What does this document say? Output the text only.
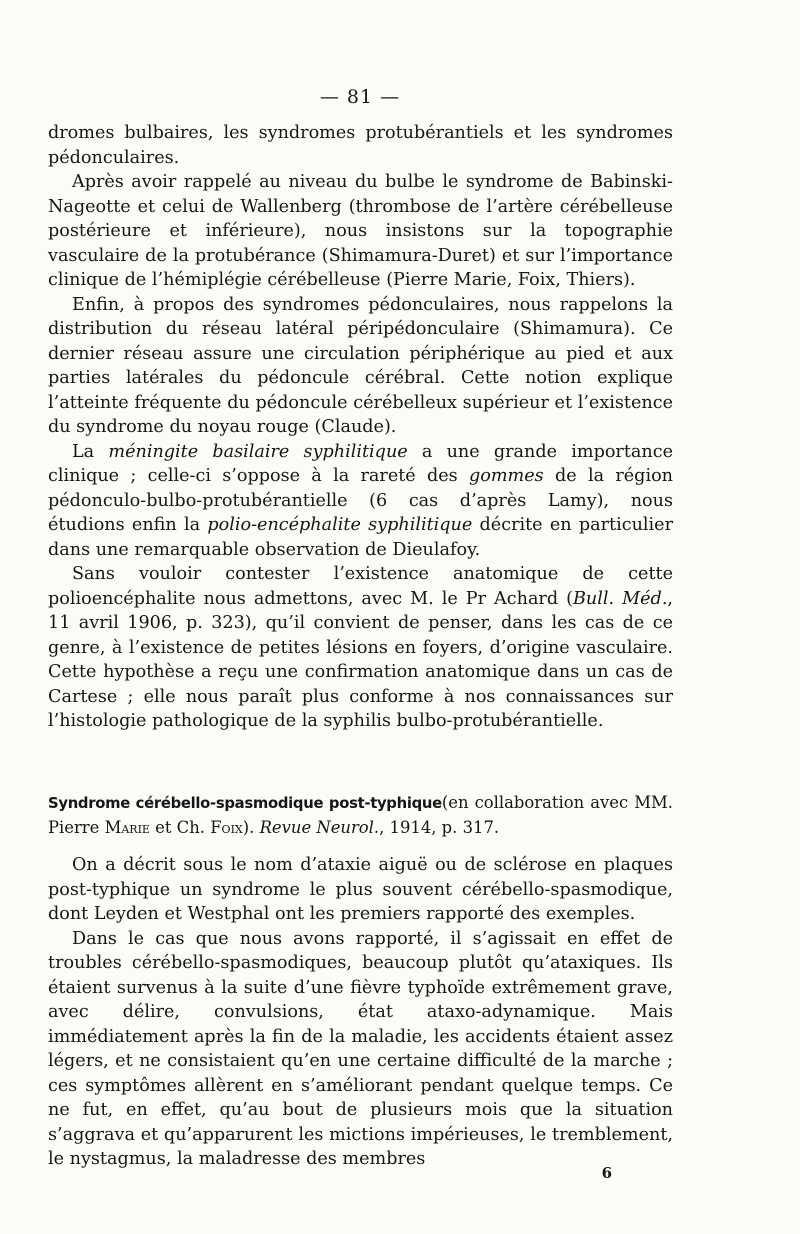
— 81 —

dromes bulbaires, les syndromes protubérantiels et les syndromes pédonculaires.

Après avoir rappelé au niveau du bulbe le syndrome de Babinski-Nageotte et celui de Wallenberg (thrombose de l’artère cérébelleuse postérieure et inférieure), nous insistons sur la topographie vasculaire de la protubérance (Shimamura-Duret) et sur l’importance clinique de l’hémiplégie cérébelleuse (Pierre Marie, Foix, Thiers).

Enfin, à propos des syndromes pédonculaires, nous rappelons la distribution du réseau latéral péripédonculaire (Shimamura). Ce dernier réseau assure une circulation périphérique au pied et aux parties latérales du pédoncule cérébral. Cette notion explique l’atteinte fréquente du pédoncule cérébelleux supérieur et l’existence du syndrome du noyau rouge (Claude).

La méningite basilaire syphilitique a une grande importance clinique ; celle-ci s’oppose à la rareté des gommes de la région pédonculo-bulbo-protubérantielle (6 cas d’après Lamy), nous étudions enfin la polio-encéphalite syphilitique décrite en particulier dans une remarquable observation de Dieulafoy.

Sans vouloir contester l’existence anatomique de cette polioencéphalite nous admettons, avec M. le Pr Achard (Bull. Méd., 11 avril 1906, p. 323), qu’il convient de penser, dans les cas de ce genre, à l’existence de petites lésions en foyers, d’origine vasculaire. Cette hypothèse a reçu une confirmation anatomique dans un cas de Cartese ; elle nous paraît plus conforme à nos connaissances sur l’histologie pathologique de la syphilis bulbo-protubérantielle.

Syndrome cérébello-spasmodique post-typhique(en collaboration avec MM. Pierre Marie et Ch. Foix). Revue Neurol., 1914, p. 317.

On a décrit sous le nom d’ataxie aiguë ou de sclérose en plaques post-typhique un syndrome le plus souvent cérébello-spasmodique, dont Leyden et Westphal ont les premiers rapporté des exemples.

Dans le cas que nous avons rapporté, il s’agissait en effet de troubles cérébello-spasmodiques, beaucoup plutôt qu’ataxiques. Ils étaient survenus à la suite d’une fièvre typhoïde extrêmement grave, avec délire, convulsions, état ataxo-adynamique. Mais immédiatement après la fin de la maladie, les accidents étaient assez légers, et ne consistaient qu’en une certaine difficulté de la marche ; ces symptômes allèrent en s’améliorant pendant quelque temps. Ce ne fut, en effet, qu’au bout de plusieurs mois que la situation s’aggrava et qu’apparurent les mictions impérieuses, le tremblement, le nystagmus, la maladresse des membres

6
